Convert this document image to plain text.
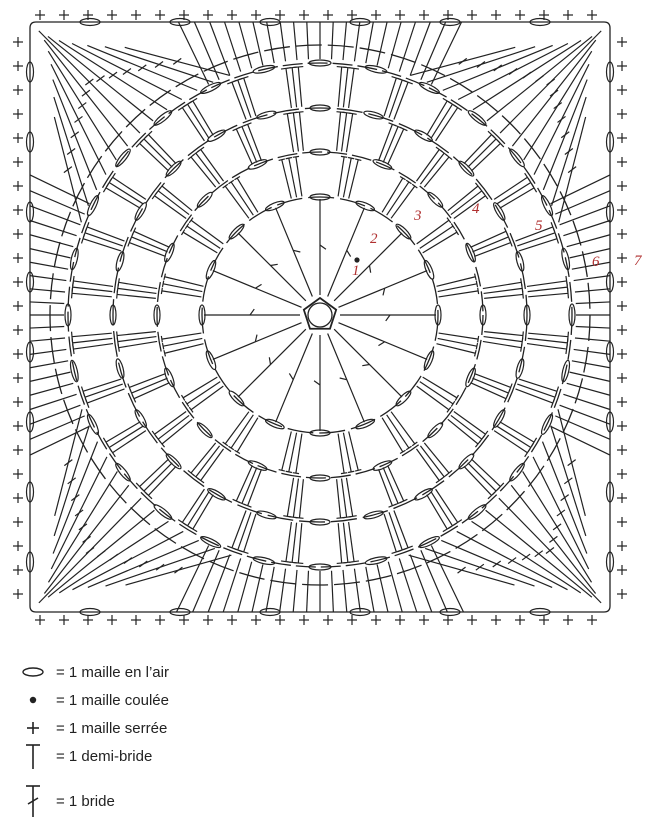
1
2
3	4
5
6 7
= 1 maille en l’air
= 1 maille coulée
= 1 maille serrée
= 1 demi-bride
= 1 bride
